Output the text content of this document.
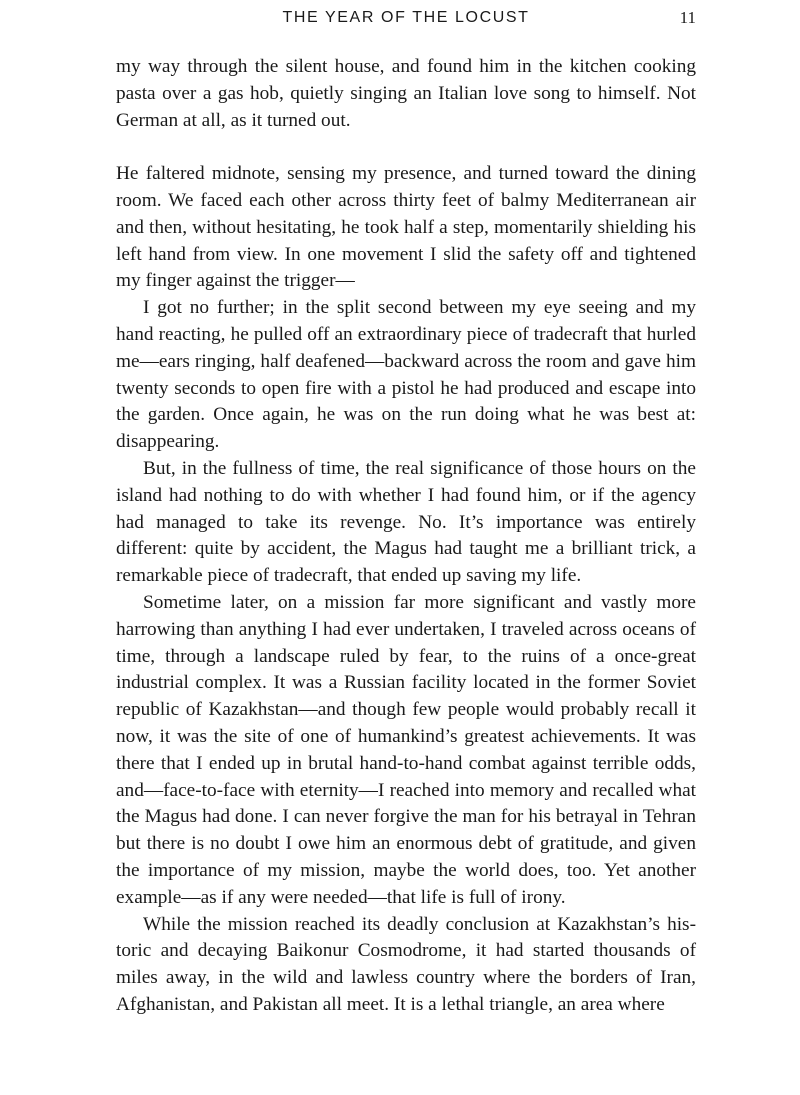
THE YEAR OF THE LOCUST	11

my way through the silent house, and found him in the kitchen cooking pasta over a gas hob, quietly singing an Italian love song to himself. Not German at all, as it turned out.

He faltered midnote, sensing my presence, and turned toward the dining room. We faced each other across thirty feet of balmy Mediterranean air and then, without hesitating, he took half a step, momentarily shielding his left hand from view. In one movement I slid the safety off and tightened my finger against the trigger—

I got no further; in the split second between my eye seeing and my hand reacting, he pulled off an extraordinary piece of tradecraft that hurled me—ears ringing, half deafened—backward across the room and gave him twenty seconds to open fire with a pistol he had produced and escape into the garden. Once again, he was on the run doing what he was best at: disappearing.

But, in the fullness of time, the real significance of those hours on the island had nothing to do with whether I had found him, or if the agency had managed to take its revenge. No. It’s importance was entirely different: quite by accident, the Magus had taught me a brilliant trick, a remarkable piece of tradecraft, that ended up saving my life.

Sometime later, on a mission far more significant and vastly more harrowing than anything I had ever undertaken, I traveled across oceans of time, through a landscape ruled by fear, to the ruins of a once-great industrial complex. It was a Russian facility located in the former Soviet republic of Kazakhstan—and though few people would probably recall it now, it was the site of one of humankind’s greatest achievements. It was there that I ended up in brutal hand-to-hand combat against terrible odds, and—face-to-face with eternity—I reached into memory and recalled what the Magus had done. I can never forgive the man for his betrayal in Tehran but there is no doubt I owe him an enormous debt of gratitude, and given the importance of my mission, maybe the world does, too. Yet another example—as if any were needed—that life is full of irony.

While the mission reached its deadly conclusion at Kazakhstan’s historic and decaying Baikonur Cosmodrome, it had started thousands of miles away, in the wild and lawless country where the borders of Iran, Afghanistan, and Pakistan all meet. It is a lethal triangle, an area where
